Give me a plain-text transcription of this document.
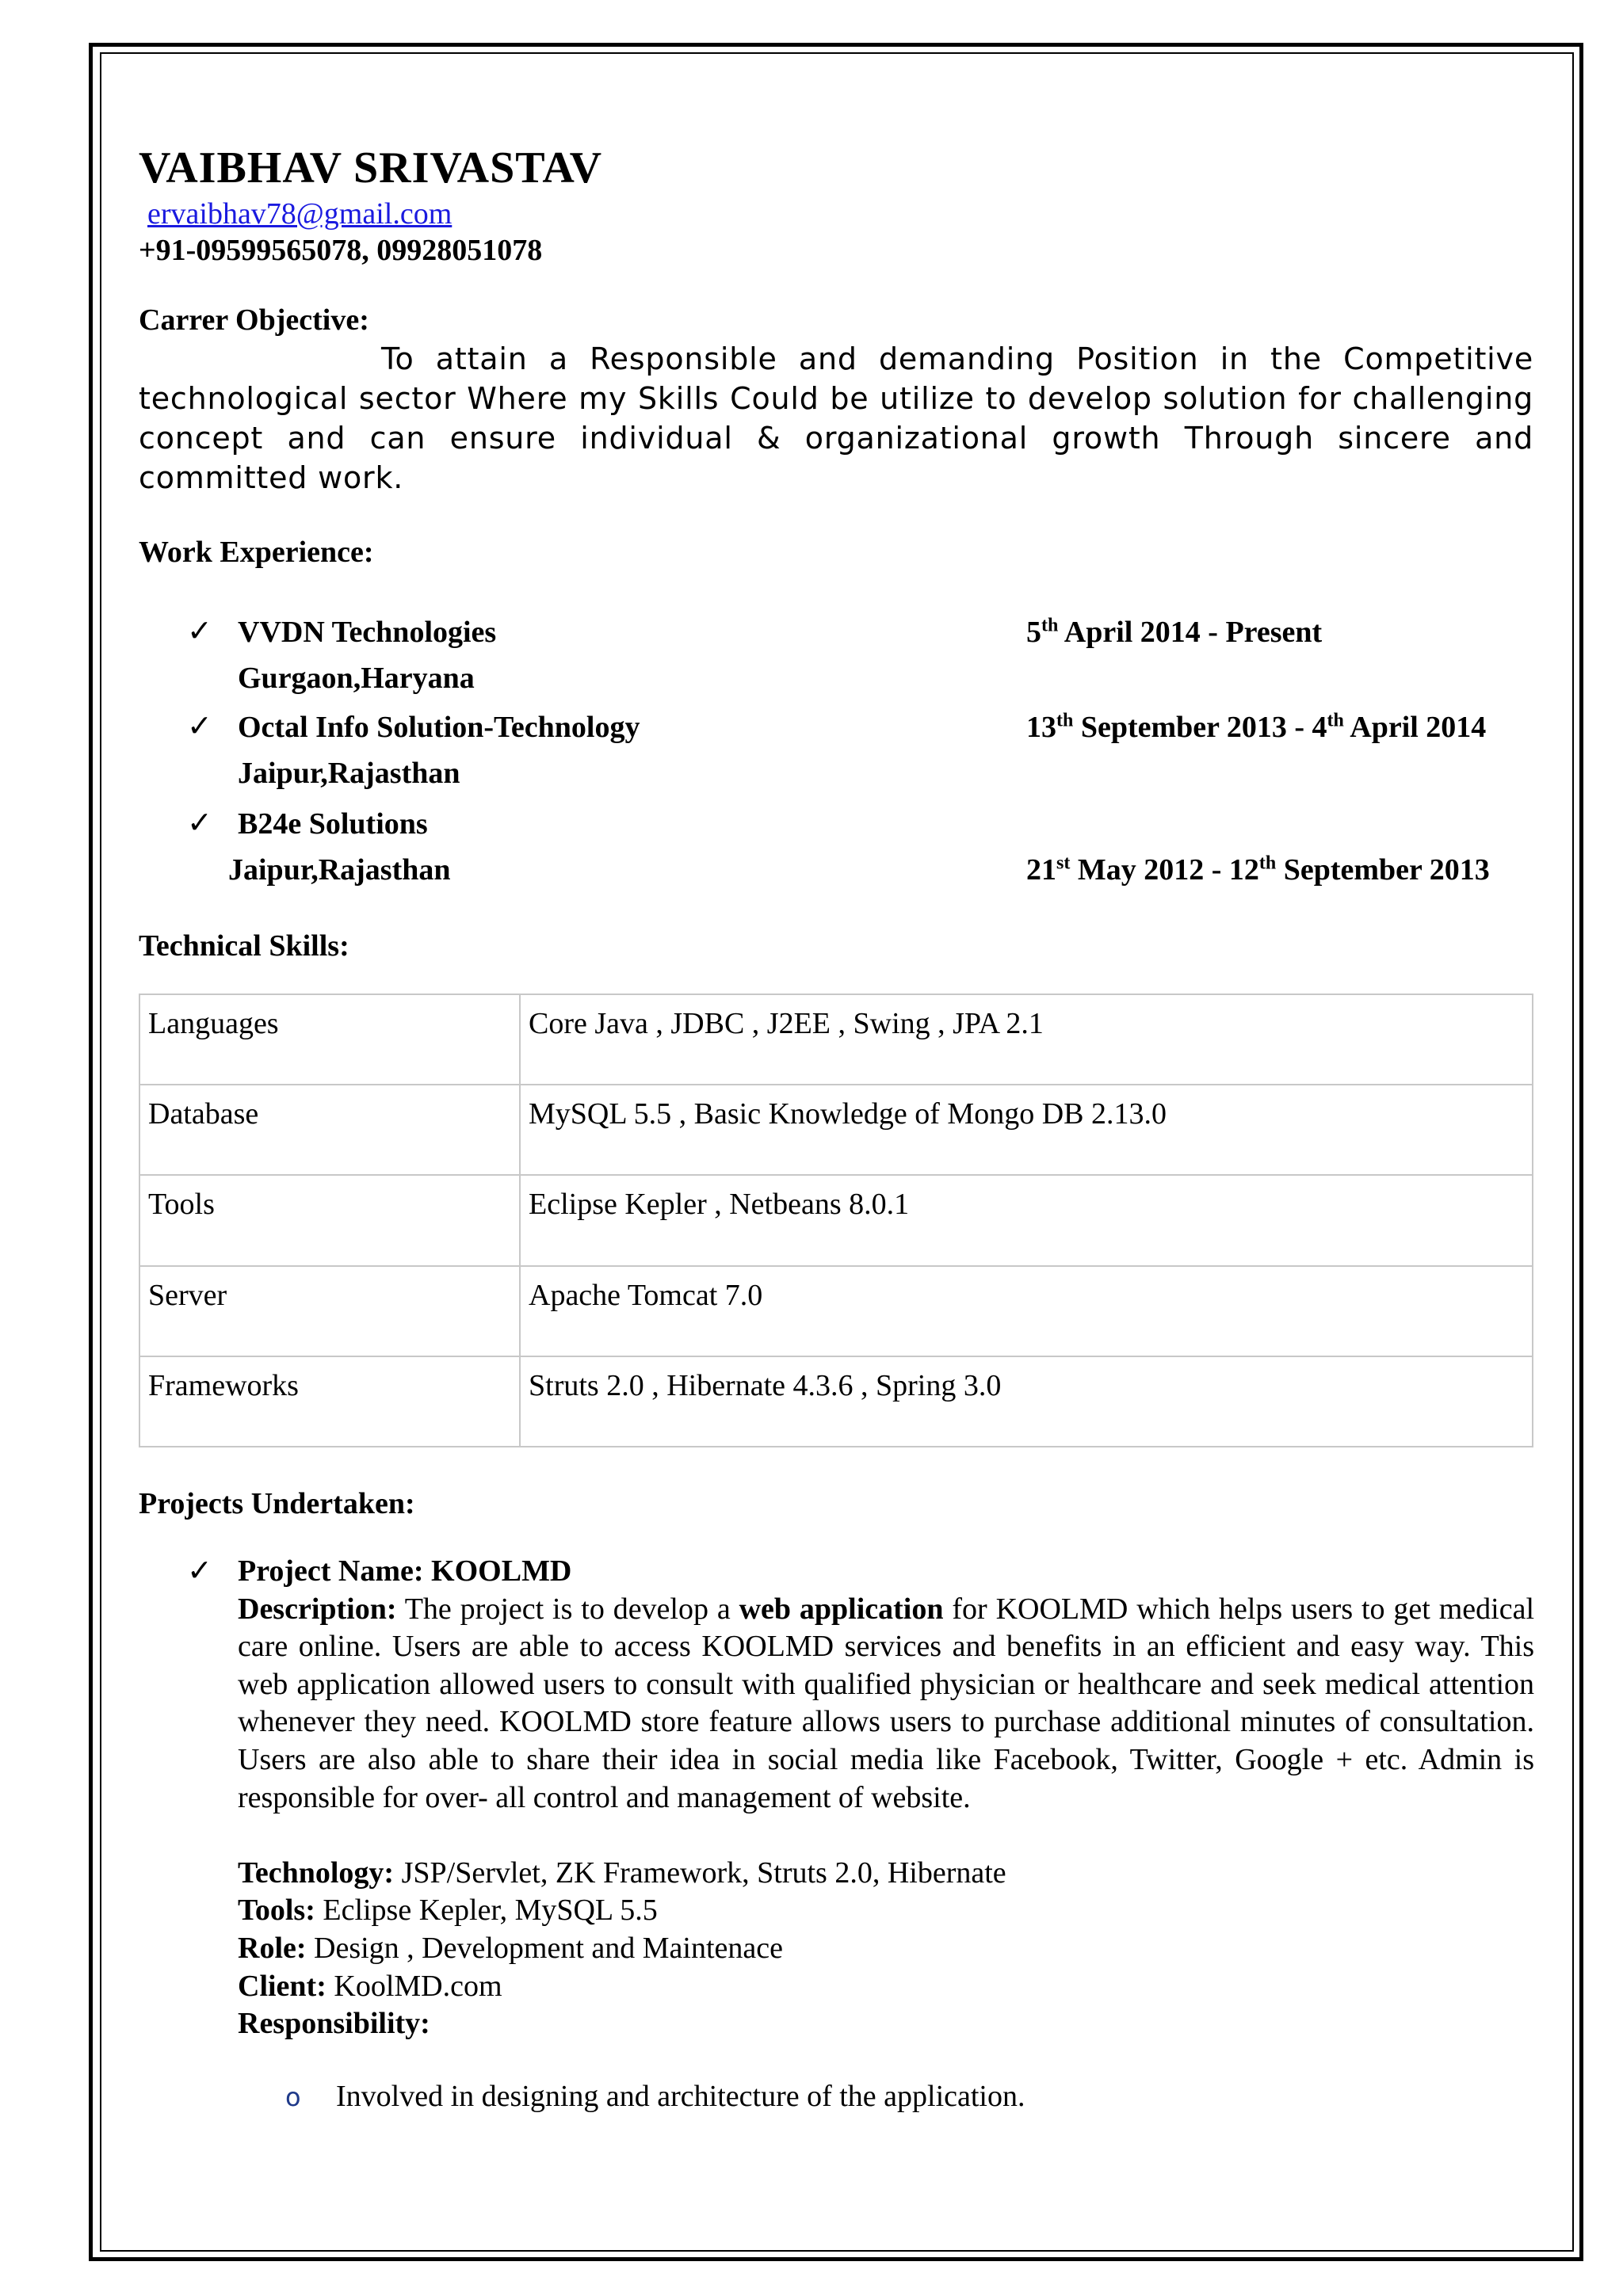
VAIBHAV SRIVASTAV
ervaibhav78@gmail.com
+91-09599565078, 09928051078
Carrer Objective:
To attain a Responsible and demanding Position in the Competitive technological sector Where my Skills Could be utilize to develop solution for challenging concept and can ensure individual & organizational growth Through sincere and committed work.
Work Experience:
✓ VVDN Technologies	5th April 2014 - Present
Gurgaon,Haryana
✓ Octal Info Solution-Technology	13th September 2013 - 4th April 2014
Jaipur,Rajasthan
✓ B24e Solutions
Jaipur,Rajasthan	21st May 2012 - 12th September 2013
Technical Skills:
Languages	Core Java , JDBC , J2EE , Swing , JPA 2.1
Database	MySQL 5.5 , Basic Knowledge of Mongo DB 2.13.0
Tools	Eclipse Kepler , Netbeans 8.0.1
Server	Apache Tomcat 7.0
Frameworks	Struts 2.0 , Hibernate 4.3.6 , Spring 3.0
Projects Undertaken:
✓ Project Name: KOOLMD
Description: The project is to develop a web application for KOOLMD which helps users to get medical care online. Users are able to access KOOLMD services and benefits in an efficient and easy way. This web application allowed users to consult with qualified physician or healthcare and seek medical attention whenever they need. KOOLMD store feature allows users to purchase additional minutes of consultation. Users are also able to share their idea in social media like Facebook, Twitter, Google + etc. Admin is responsible for over- all control and management of website.
Technology: JSP/Servlet, ZK Framework, Struts 2.0, Hibernate
Tools: Eclipse Kepler, MySQL 5.5
Role: Design , Development and Maintenace
Client: KoolMD.com
Responsibility:
o Involved in designing and architecture of the application.
